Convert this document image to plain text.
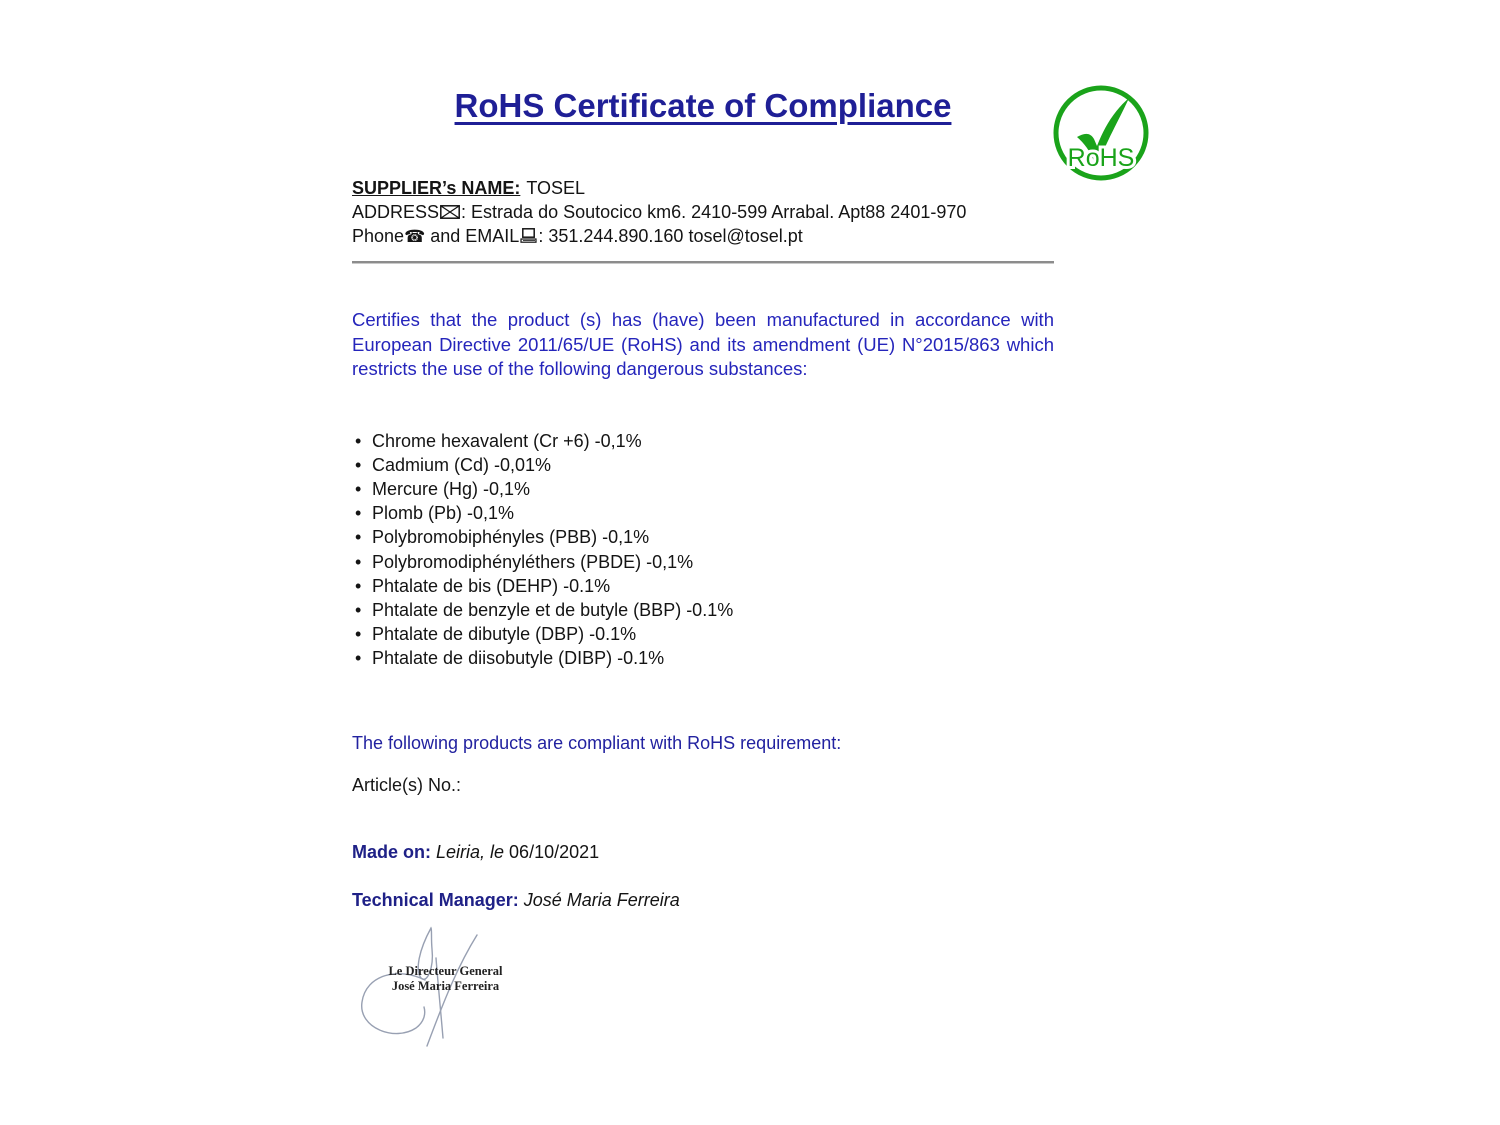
RoHS
RoHS Certificate of Compliance
SUPPLIER’s NAME: TOSEL
ADDRESS : Estrada do Soutocico km6. 2410-599 Arrabal. Apt88 2401-970
Phone☎ and EMAIL : 351.244.890.160 tosel@tosel.pt

Certifies that the product (s) has (have) been manufactured in accordance with European Directive 2011/65/UE (RoHS) and its amendment (UE) N°2015/863 which restricts the use of the following dangerous substances:

• Chrome hexavalent (Cr +6) -0,1%
• Cadmium (Cd) -0,01%
• Mercure (Hg) -0,1%
• Plomb (Pb) -0,1%
• Polybromobiphényles (PBB) -0,1%
• Polybromodiphényléthers (PBDE) -0,1%
• Phtalate de bis (DEHP) -0.1%
• Phtalate de benzyle et de butyle (BBP) -0.1%
• Phtalate de dibutyle (DBP) -0.1%
• Phtalate de diisobutyle (DIBP) -0.1%
The following products are compliant with RoHS requirement:
Article(s) No.:
Made on: Leiria, le 06/10/2021
Technical Manager: José Maria Ferreira
Le Directeur General
José Maria Ferreira
